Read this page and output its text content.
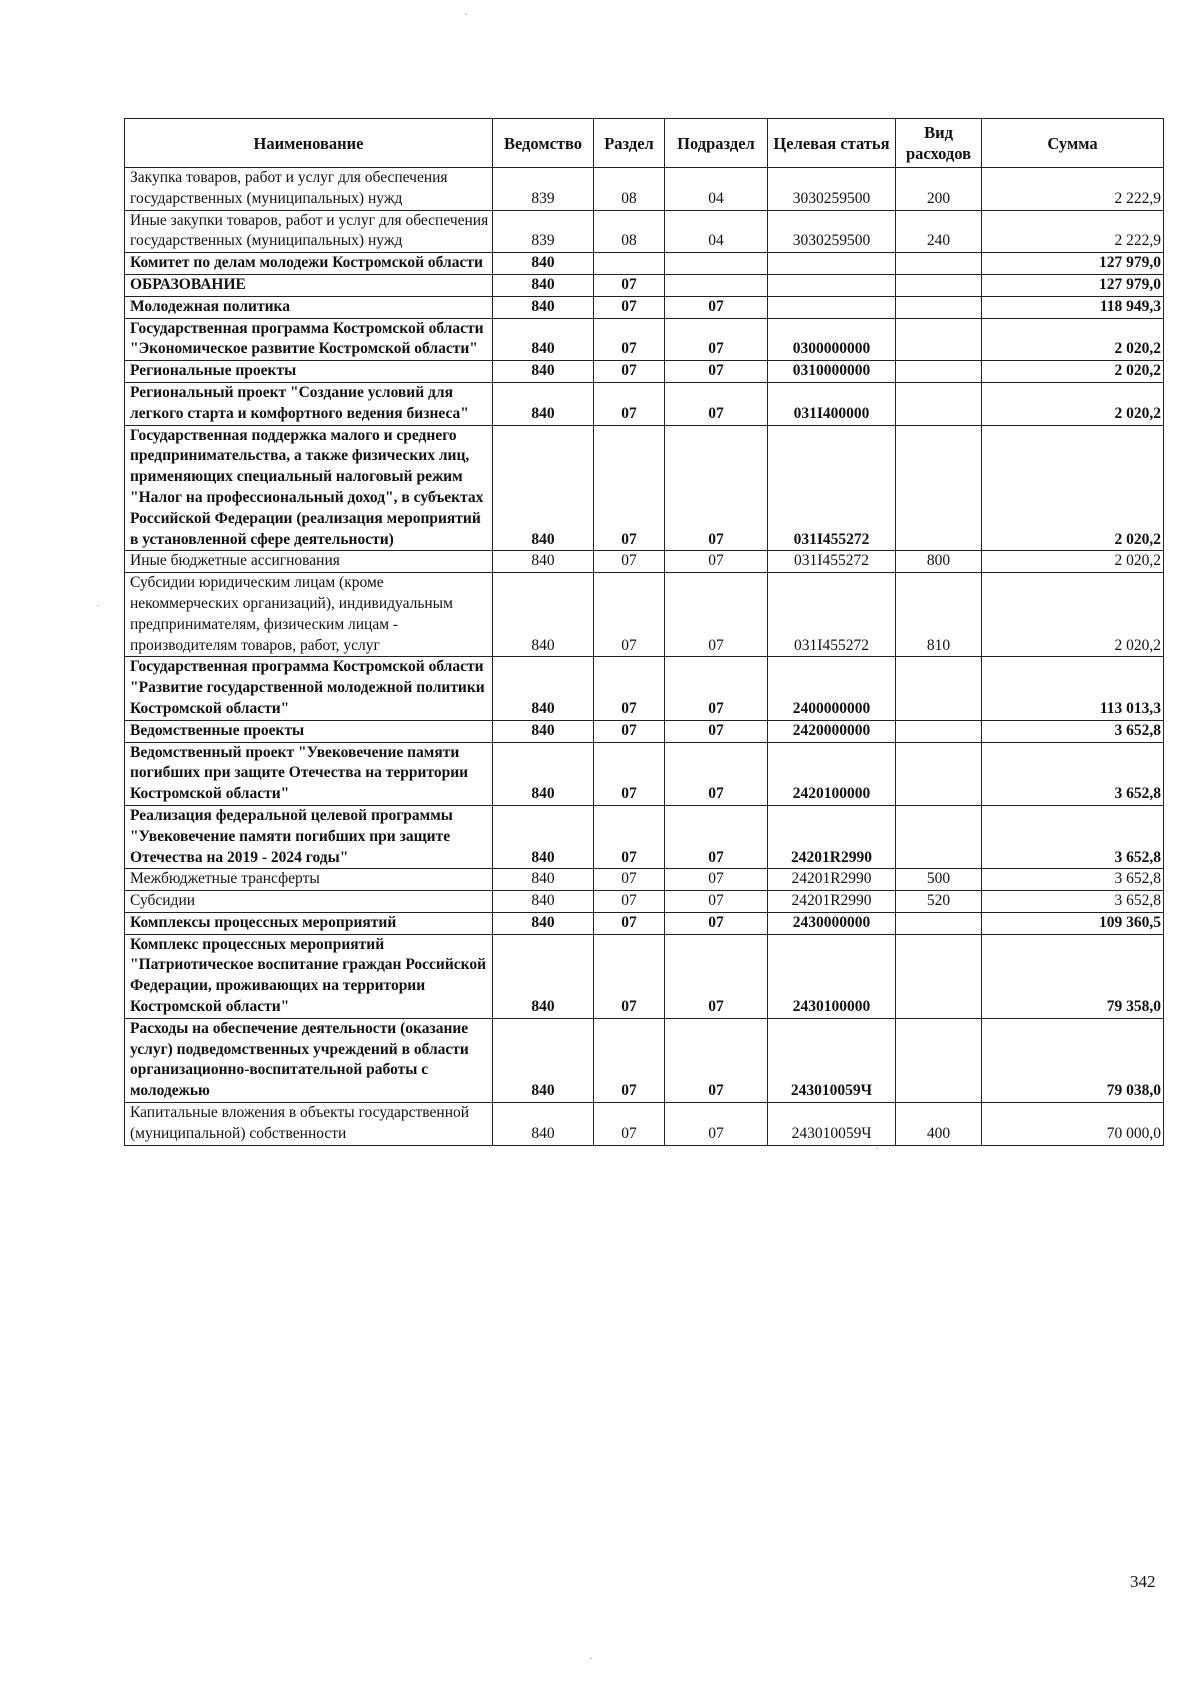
Наименование	Ведомство	Раздел	Подраздел	Целевая статья	Вид расходов	Сумма
Закупка товаров, работ и услуг для обеспечения государственных (муниципальных) нужд	839	08	04	3030259500	200	2 222,9
Иные закупки товаров, работ и услуг для обеспечения государственных (муниципальных) нужд	839	08	04	3030259500	240	2 222,9
Комитет по делам молодежи Костромской области	840					127 979,0
ОБРАЗОВАНИЕ	840	07				127 979,0
Молодежная политика	840	07	07			118 949,3
Государственная программа Костромской области "Экономическое развитие Костромской области"	840	07	07	0300000000		2 020,2
Региональные проекты	840	07	07	0310000000		2 020,2
Региональный проект "Создание условий для легкого старта и комфортного ведения бизнеса"	840	07	07	031I400000		2 020,2
Государственная поддержка малого и среднего предпринимательства, а также физических лиц, применяющих специальный налоговый режим "Налог на профессиональный доход", в субъектах Российской Федерации (реализация мероприятий в установленной сфере деятельности)	840	07	07	031I455272		2 020,2
Иные бюджетные ассигнования	840	07	07	031I455272	800	2 020,2
Субсидии юридическим лицам (кроме некоммерческих организаций), индивидуальным предпринимателям, физическим лицам - производителям товаров, работ, услуг	840	07	07	031I455272	810	2 020,2
Государственная программа Костромской области "Развитие государственной молодежной политики Костромской области"	840	07	07	2400000000		113 013,3
Ведомственные проекты	840	07	07	2420000000		3 652,8
Ведомственный проект "Увековечение памяти погибших при защите Отечества на территории Костромской области"	840	07	07	2420100000		3 652,8
Реализация федеральной целевой программы "Увековечение памяти погибших при защите Отечества на 2019 - 2024 годы"	840	07	07	24201R2990		3 652,8
Межбюджетные трансферты	840	07	07	24201R2990	500	3 652,8
Субсидии	840	07	07	24201R2990	520	3 652,8
Комплексы процессных мероприятий	840	07	07	2430000000		109 360,5
Комплекс процессных мероприятий "Патриотическое воспитание граждан Российской Федерации, проживающих на территории Костромской области"	840	07	07	2430100000		79 358,0
Расходы на обеспечение деятельности (оказание услуг) подведомственных учреждений в области организационно-воспитательной работы с молодежью	840	07	07	243010059Ч		79 038,0
Капитальные вложения в объекты государственной (муниципальной) собственности	840	07	07	243010059Ч	400	70 000,0
342
